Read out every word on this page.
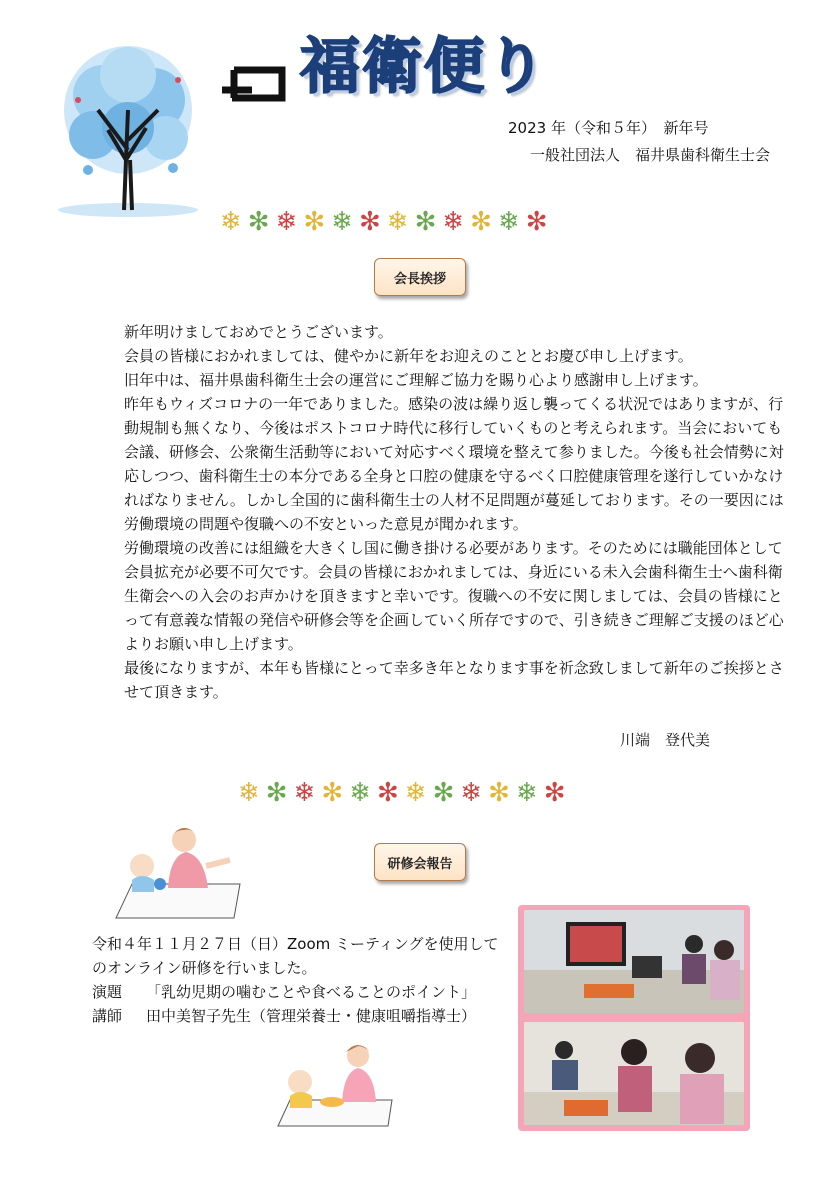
福衛便り
2023 年（令和５年）　新年号
一般社団法人　福井県歯科衛生士会
❄ ✻ ❄ ✻ ❄ ✻ ❄ ✻ ❄ ✻ ❄ ✻
会長挨拶

新年明けましておめでとうございます。

会員の皆様におかれましては、健やかに新年をお迎えのこととお慶び申し上げます。

旧年中は、福井県歯科衛生士会の運営にご理解ご協力を賜り心より感謝申し上げます。

昨年もウィズコロナの一年でありました。感染の波は繰り返し襲ってくる状況ではありますが、行動規制も無くなり、今後はポストコロナ時代に移行していくものと考えられます。当会においても会議、研修会、公衆衛生活動等において対応すべく環境を整えて参りました。今後も社会情勢に対応しつつ、歯科衛生士の本分である全身と口腔の健康を守るべく口腔健康管理を遂行していかなければなりません。しかし全国的に歯科衛生士の人材不足問題が蔓延しております。その一要因には労働環境の問題や復職への不安といった意見が聞かれます。

労働環境の改善には組織を大きくし国に働き掛ける必要があります。そのためには職能団体として会員拡充が必要不可欠です。会員の皆様におかれましては、身近にいる未入会歯科衛生士へ歯科衛生衛会への入会のお声かけを頂きますと幸いです。復職への不安に関しましては、会員の皆様にとって有意義な情報の発信や研修会等を企画していく所存ですので、引き続きご理解ご支援のほど心よりお願い申し上げます。

最後になりますが、本年も皆様にとって幸多き年となります事を祈念致しまして新年のご挨拶とさせて頂きます。

川端　登代美
❄ ✻ ❄ ✻ ❄ ✻ ❄ ✻ ❄ ✻ ❄ ✻
研修会報告

令和４年１１月２７日（日）Zoom ミーティングを使用してのオンライン研修を行いました。

演題 「乳幼児期の噛むことや食べることのポイント」

講師 田中美智子先生（管理栄養士・健康咀嚼指導士）
